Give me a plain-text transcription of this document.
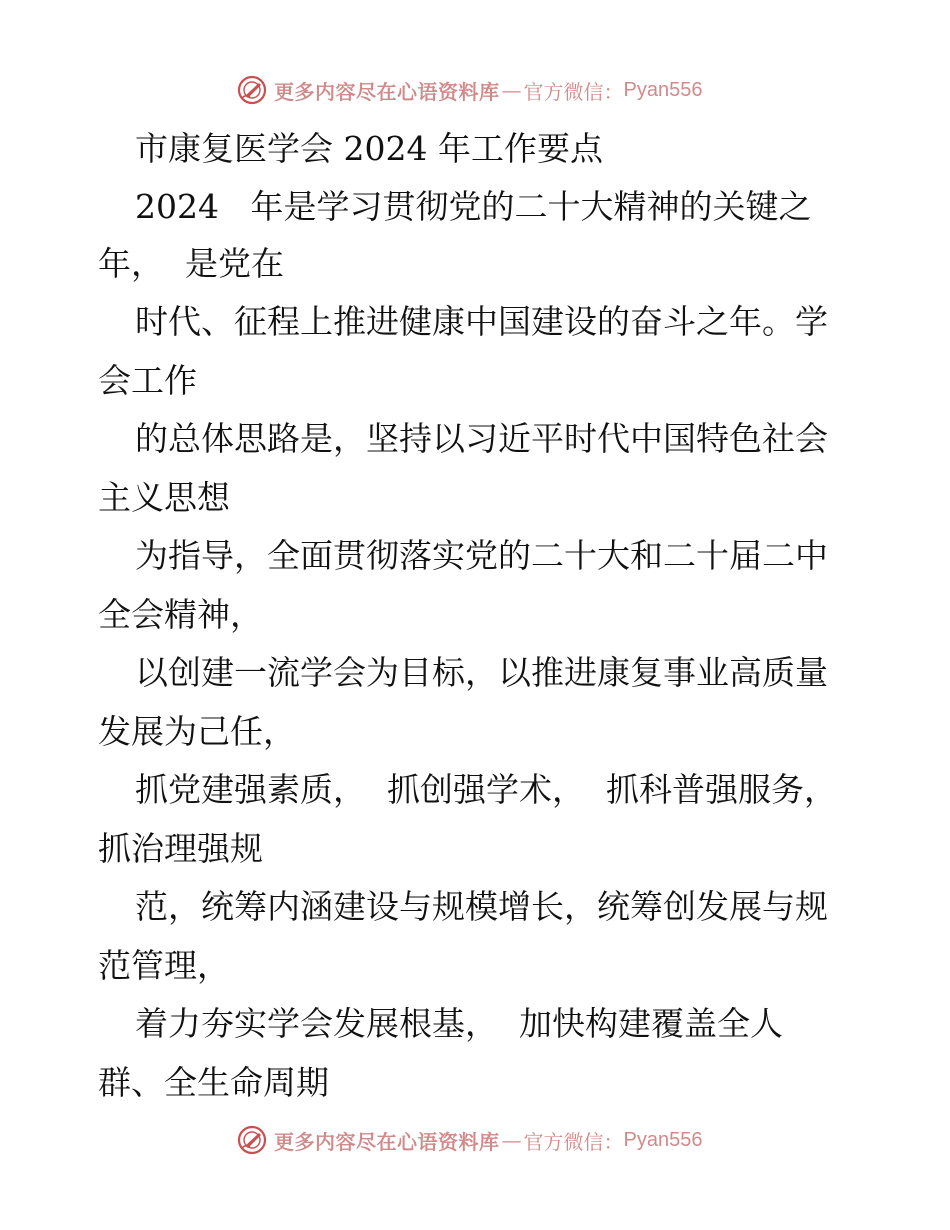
更多内容尽在心语资料库 — 官方微信： Pyan556
市康复医学会 2024 年工作要点
2024   年是学习贯彻党的二十大精神的关键之
年，  是党在
时代、征程上推进健康中国建设的奋斗之年。学
会工作
的总体思路是，坚持以习近平时代中国特色社会
主义思想
为指导，全面贯彻落实党的二十大和二十届二中
全会精神，
以创建一流学会为目标，以推进康复事业高质量
发展为己任，
抓党建强素质，  抓创强学术，  抓科普强服务，
抓治理强规
范，统筹内涵建设与规模增长，统筹创发展与规
范管理，
着力夯实学会发展根基，  加快构建覆盖全人
群、全生命周期
更多内容尽在心语资料库 — 官方微信： Pyan556
